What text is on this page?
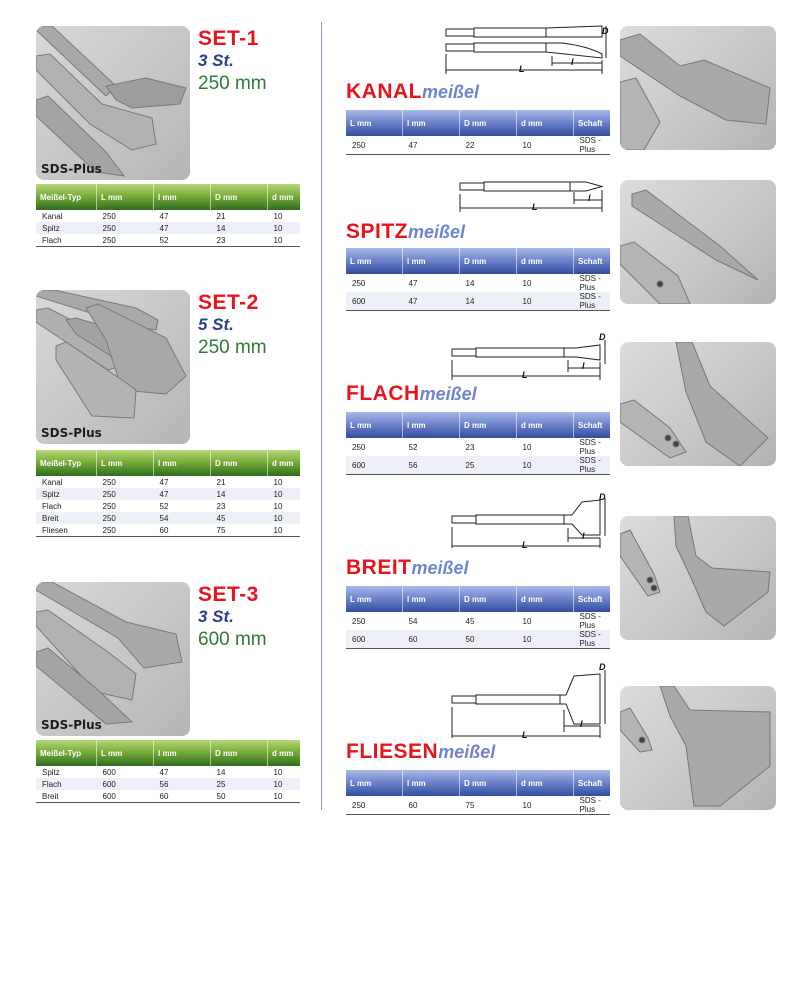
SDS-Plus
SET-1
3 St.
250 mm
Meißel-Typ	L mm	l mm	D mm	d mm
Kanal	250	47	21	10
Spitz	250	47	14	10
Flach	250	52	23	10
SDS-Plus
SET-2
5 St.
250 mm
Meißel-Typ	L mm	l mm	D mm	d mm
Kanal	250	47	21	10
Spitz	250	47	14	10
Flach	250	52	23	10
Breit	250	54	45	10
Fliesen	250	60	75	10
SDS-Plus
SET-3
3 St.
600 mm
Meißel-Typ	L mm	l mm	D mm	d mm
Spitz	600	47	14	10
Flach	600	56	25	10
Breit	600	60	50	10
L
l
D
KANALmeißel
L mm	l mm	D mm	d mm	Schaft
250	47	22	10	SDS - Plus
L
l
SPITZmeißel
L mm	l mm	D mm	d mm	Schaft
250	47	14	10	SDS - Plus
600	47	14	10	SDS - Plus
L
l
D
FLACHmeißel
L mm	l mm	D mm	d mm	Schaft
250	52	23	10	SDS - Plus
600	56	25	10	SDS - Plus
L
l
D
BREITmeißel
L mm	l mm	D mm	d mm	Schaft
250	54	45	10	SDS - Plus
600	60	50	10	SDS - Plus
L
l
D
FLIESENmeißel
L mm	l mm	D mm	d mm	Schaft
250	60	75	10	SDS - Plus
